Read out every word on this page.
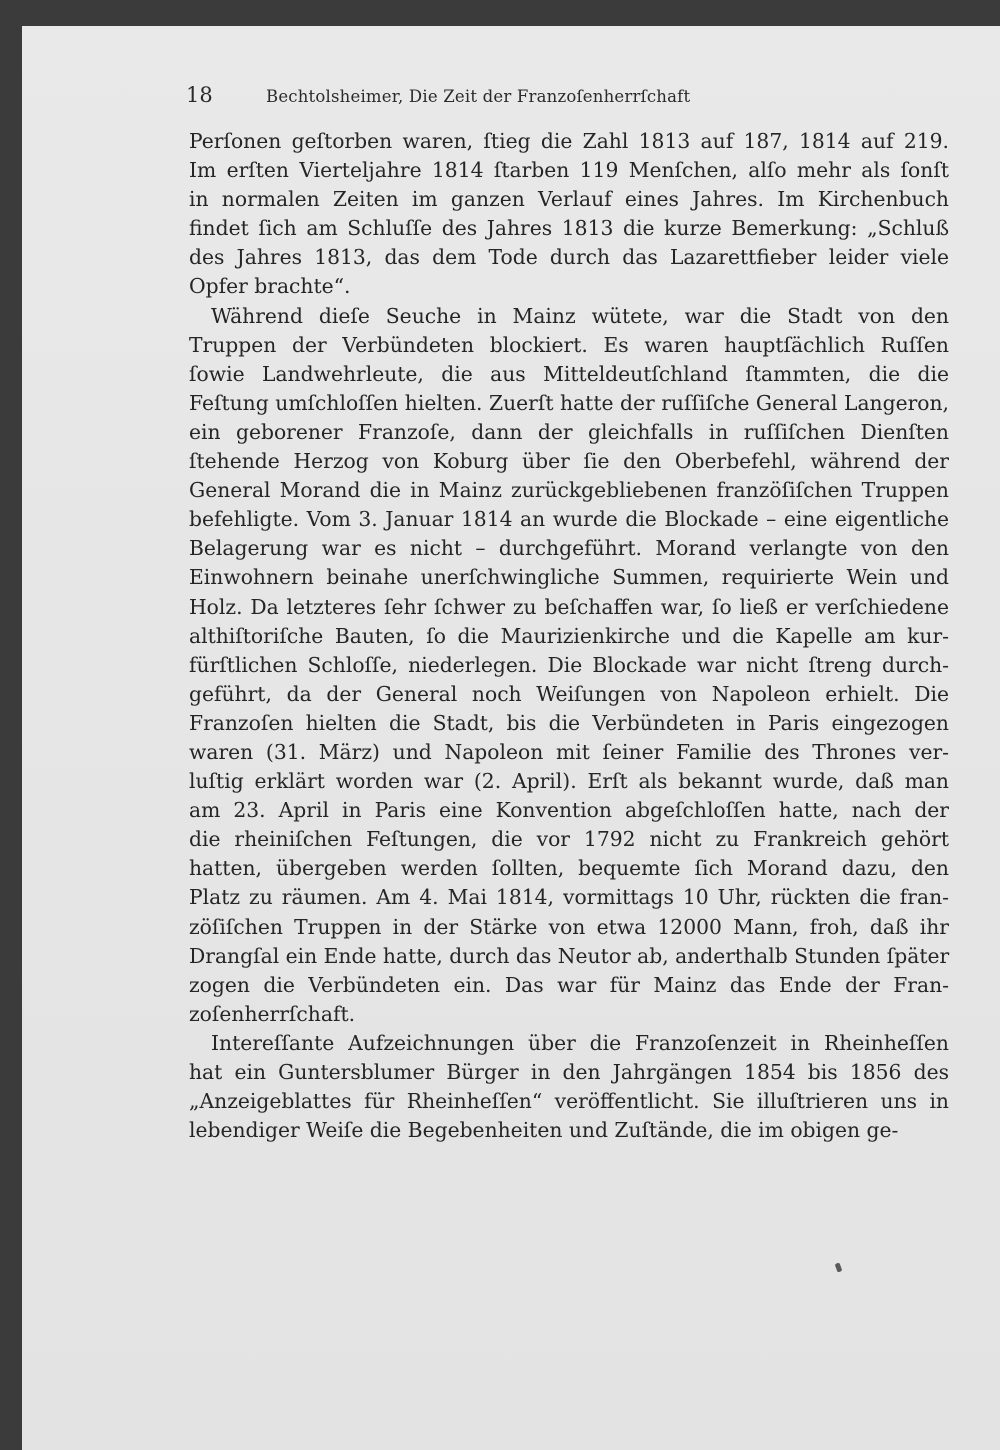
18	Bechtolsheimer, Die Zeit der Franzoſenherrſchaft
Perſonen geſtorben waren, ſtieg die Zahl 1813 auf 187, 1814 auf 219.
Im erſten Vierteljahre 1814 ſtarben 119 Menſchen, alſo mehr als ſonſt
in normalen Zeiten im ganzen Verlauf eines Jahres. Im Kirchenbuch
findet ſich am Schluſſe des Jahres 1813 die kurze Bemerkung: „Schluß
des Jahres 1813, das dem Tode durch das Lazarettfieber leider viele
Opfer brachte“.
Während dieſe Seuche in Mainz wütete, war die Stadt von den
Truppen der Verbündeten blockiert. Es waren hauptſächlich Ruſſen
ſowie Landwehrleute, die aus Mitteldeutſchland ſtammten, die die
Feſtung umſchloſſen hielten. Zuerſt hatte der ruſſiſche General Langeron,
ein geborener Franzoſe, dann der gleichfalls in ruſſiſchen Dienſten
ſtehende Herzog von Koburg über ſie den Oberbefehl, während der
General Morand die in Mainz zurückgebliebenen franzöſiſchen Truppen
befehligte. Vom 3. Januar 1814 an wurde die Blockade – eine eigentliche
Belagerung war es nicht – durchgeführt. Morand verlangte von den
Einwohnern beinahe unerſchwingliche Summen, requirierte Wein und
Holz. Da letzteres ſehr ſchwer zu beſchaffen war, ſo ließ er verſchiedene
althiſtoriſche Bauten, ſo die Maurizienkirche und die Kapelle am kur-
fürſtlichen Schloſſe, niederlegen. Die Blockade war nicht ſtreng durch-
geführt, da der General noch Weiſungen von Napoleon erhielt. Die
Franzoſen hielten die Stadt, bis die Verbündeten in Paris eingezogen
waren (31. März) und Napoleon mit ſeiner Familie des Thrones ver-
luſtig erklärt worden war (2. April). Erſt als bekannt wurde, daß man
am 23. April in Paris eine Konvention abgeſchloſſen hatte, nach der
die rheiniſchen Feſtungen, die vor 1792 nicht zu Frankreich gehört
hatten, übergeben werden ſollten, bequemte ſich Morand dazu, den
Platz zu räumen. Am 4. Mai 1814, vormittags 10 Uhr, rückten die fran-
zöſiſchen Truppen in der Stärke von etwa 12000 Mann, froh, daß ihr
Drangſal ein Ende hatte, durch das Neutor ab, anderthalb Stunden ſpäter
zogen die Verbündeten ein. Das war für Mainz das Ende der Fran-
zoſenherrſchaft.
Intereſſante Aufzeichnungen über die Franzoſenzeit in Rheinheſſen
hat ein Guntersblumer Bürger in den Jahrgängen 1854 bis 1856 des
„Anzeigeblattes für Rheinheſſen“ veröffentlicht. Sie illuſtrieren uns in
lebendiger Weiſe die Begebenheiten und Zuſtände, die im obigen ge-
